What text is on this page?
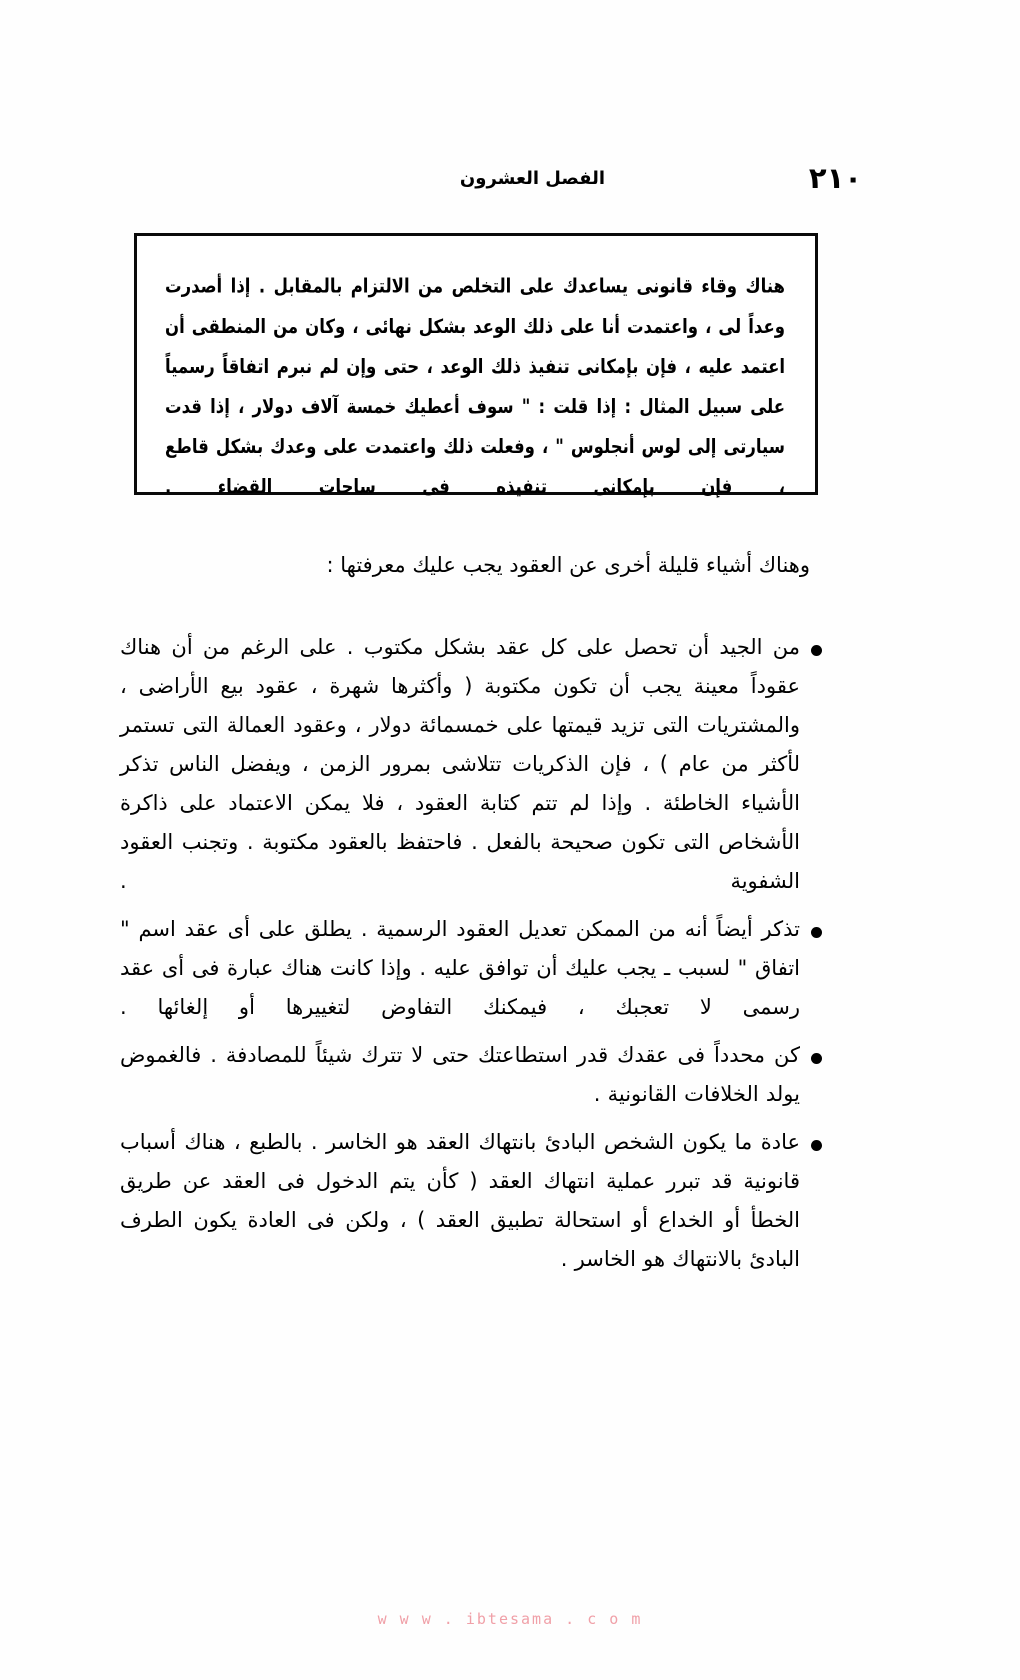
٢١٠
الفصل العشرون
هناك وقاء قانونى يساعدك على التخلص من الالتزام بالمقابل . إذا أصدرت وعداً لى ، واعتمدت أنا على ذلك الوعد بشكل نهائى ، وكان من المنطقى أن اعتمد عليه ، فإن بإمكانى تنفيذ ذلك الوعد ، حتى وإن لم نبرم اتفاقاً رسمياً على سبيل المثال : إذا قلت : " سوف أعطيك خمسة آلاف دولار ، إذا قدت سيارتى إلى لوس أنجلوس " ، وفعلت ذلك واعتمدت على وعدك بشكل قاطع ، فإن بإمكانى تنفيذه فى ساحات القضاء .
وهناك أشياء قليلة أخرى عن العقود يجب عليك معرفتها :
من الجيد أن تحصل على كل عقد بشكل مكتوب . على الرغم من أن هناك عقوداً معينة يجب أن تكون مكتوبة ( وأكثرها شهرة ، عقود بيع الأراضى ، والمشتريات التى تزيد قيمتها على خمسمائة دولار ، وعقود العمالة التى تستمر لأكثر من عام ) ، فإن الذكريات تتلاشى بمرور الزمن ، ويفضل الناس تذكر الأشياء الخاطئة . وإذا لم تتم كتابة العقود ، فلا يمكن الاعتماد على ذاكرة الأشخاص التى تكون صحيحة بالفعل . فاحتفظ بالعقود مكتوبة . وتجنب العقود الشفوية .
تذكر أيضاً أنه من الممكن تعديل العقود الرسمية . يطلق على أى عقد اسم " اتفاق " لسبب ـ يجب عليك أن توافق عليه . وإذا كانت هناك عبارة فى أى عقد رسمى لا تعجبك ، فيمكنك التفاوض لتغييرها أو إلغائها .
كن محدداً فى عقدك قدر استطاعتك حتى لا تترك شيئاً للمصادفة . فالغموض يولد الخلافات القانونية .
عادة ما يكون الشخص البادئ بانتهاك العقد هو الخاسر . بالطبع ، هناك أسباب قانونية قد تبرر عملية انتهاك العقد ( كأن يتم الدخول فى العقد عن طريق الخطأ أو الخداع أو استحالة تطبيق العقد ) ، ولكن فى العادة يكون الطرف البادئ بالانتهاك هو الخاسر .
w w w . ibtesama . c o m
